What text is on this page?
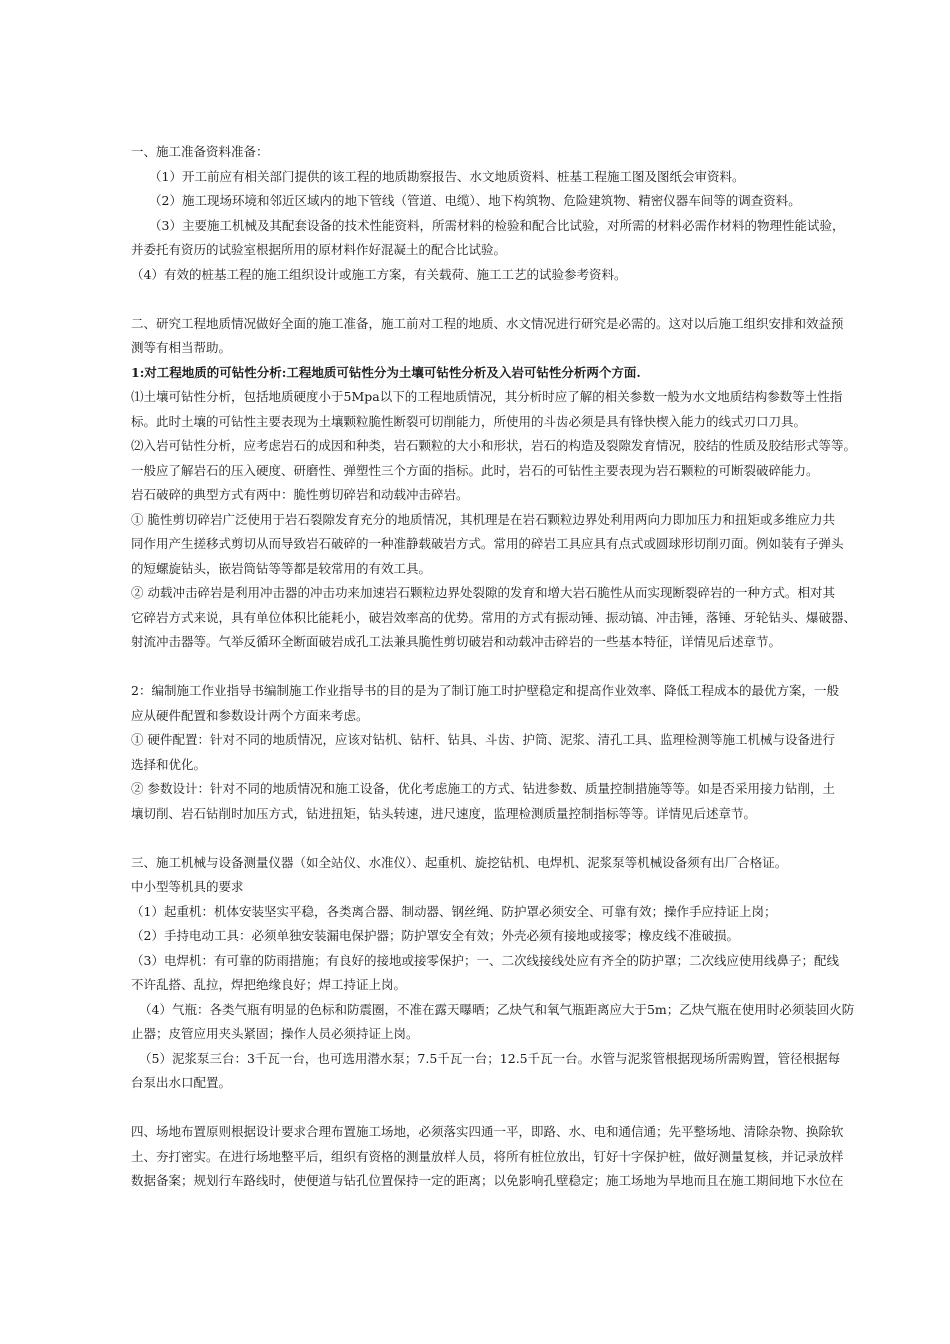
一、施工准备资料准备：
（1）开工前应有相关部门提供的该工程的地质勘察报告、水文地质资料、桩基工程施工图及图纸会审资料。
（2）施工现场环境和邻近区域内的地下管线（管道、电缆）、地下构筑物、危险建筑物、精密仪器车间等的调查资料。
（3）主要施工机械及其配套设备的技术性能资料，所需材料的检验和配合比试验，对所需的材料必需作材料的物理性能试验，
并委托有资历的试验室根据所用的原材料作好混凝土的配合比试验。
（4）有效的桩基工程的施工组织设计或施工方案，有关载荷、施工工艺的试验参考资料。
二、研究工程地质情况做好全面的施工准备，施工前对工程的地质、水文情况进行研究是必需的。这对以后施工组织安排和效益预
测等有相当帮助。
1:对工程地质的可钻性分析:工程地质可钻性分为土壤可钻性分析及入岩可钻性分析两个方面.
⑴土壤可钻性分析，包括地质硬度小于5Mpa以下的工程地质情况，其分析时应了解的相关参数一般为水文地质结构参数等土性指
标。此时土壤的可钻性主要表现为土壤颗粒脆性断裂可切削能力，所使用的斗齿必须是具有锋快楔入能力的线式刃口刀具。
⑵入岩可钻性分析，应考虑岩石的成因和种类，岩石颗粒的大小和形状，岩石的构造及裂隙发育情况，胶结的性质及胶结形式等等。
一般应了解岩石的压入硬度、研磨性、弹塑性三个方面的指标。此时，岩石的可钻性主要表现为岩石颗粒的可断裂破碎能力。
岩石破碎的典型方式有两中：脆性剪切碎岩和动载冲击碎岩。
① 脆性剪切碎岩广泛使用于岩石裂隙发育充分的地质情况，其机理是在岩石颗粒边界处利用两向力即加压力和扭矩或多维应力共
同作用产生搓移式剪切从而导致岩石破碎的一种准静载破岩方式。常用的碎岩工具应具有点式或圆球形切削刃面。例如装有子弹头
的短螺旋钻头，嵌岩筒钻等等都是较常用的有效工具。
② 动载冲击碎岩是利用冲击器的冲击功来加速岩石颗粒边界处裂隙的发育和增大岩石脆性从而实现断裂碎岩的一种方式。相对其
它碎岩方式来说，具有单位体积比能耗小，破岩效率高的优势。常用的方式有振动锤、振动镐、冲击锤，落锤、牙轮钻头、爆破器、
射流冲击器等。气举反循环全断面破岩成孔工法兼具脆性剪切破岩和动载冲击碎岩的一些基本特征，详情见后述章节。
2：编制施工作业指导书编制施工作业指导书的目的是为了制订施工时护壁稳定和提高作业效率、降低工程成本的最优方案，一般
应从硬件配置和参数设计两个方面来考虑。
① 硬件配置：针对不同的地质情况，应该对钻机、钻杆、钻具、斗齿、护筒、泥浆、清孔工具、监理检测等施工机械与设备进行
选择和优化。
② 参数设计：针对不同的地质情况和施工设备，优化考虑施工的方式、钻进参数、质量控制措施等等。如是否采用接力钻削，土
壤切削、岩石钻削时加压方式，钻进扭矩，钻头转速，进尺速度，监理检测质量控制指标等等。详情见后述章节。
三、施工机械与设备测量仪器（如全站仪、水准仪）、起重机、旋挖钻机、电焊机、泥浆泵等机械设备须有出厂合格证。
中小型等机具的要求
（1）起重机：机体安装坚实平稳，各类离合器、制动器、钢丝绳、防护罩必须安全、可靠有效；操作手应持证上岗；
（2）手持电动工具：必须单独安装漏电保护器；防护罩安全有效；外壳必须有接地或接零；橡皮线不准破损。
（3）电焊机：有可靠的防雨措施；有良好的接地或接零保护；一、二次线接线处应有齐全的防护罩；二次线应使用线鼻子；配线
不许乱搭、乱拉，焊把绝缘良好；焊工持证上岗。
（4）气瓶：各类气瓶有明显的色标和防震圈，不准在露天曝晒；乙炔气和氧气瓶距离应大于5m；乙炔气瓶在使用时必须装回火防
止器；皮管应用夹头紧固；操作人员必须持证上岗。
（5）泥浆泵三台：3千瓦一台，也可选用潜水泵；7.5千瓦一台；12.5千瓦一台。水管与泥浆管根据现场所需购置，管径根据每
台泵出水口配置。
四、场地布置原则根据设计要求合理布置施工场地，必须落实四通一平，即路、水、电和通信通；先平整场地、清除杂物、换除软
土、夯打密实。在进行场地整平后，组织有资格的测量放样人员，将所有桩位放出，钉好十字保护桩，做好测量复核，并记录放样
数据备案；规划行车路线时，使便道与钻孔位置保持一定的距离；以免影响孔壁稳定；施工场地为旱地而且在施工期间地下水位在
